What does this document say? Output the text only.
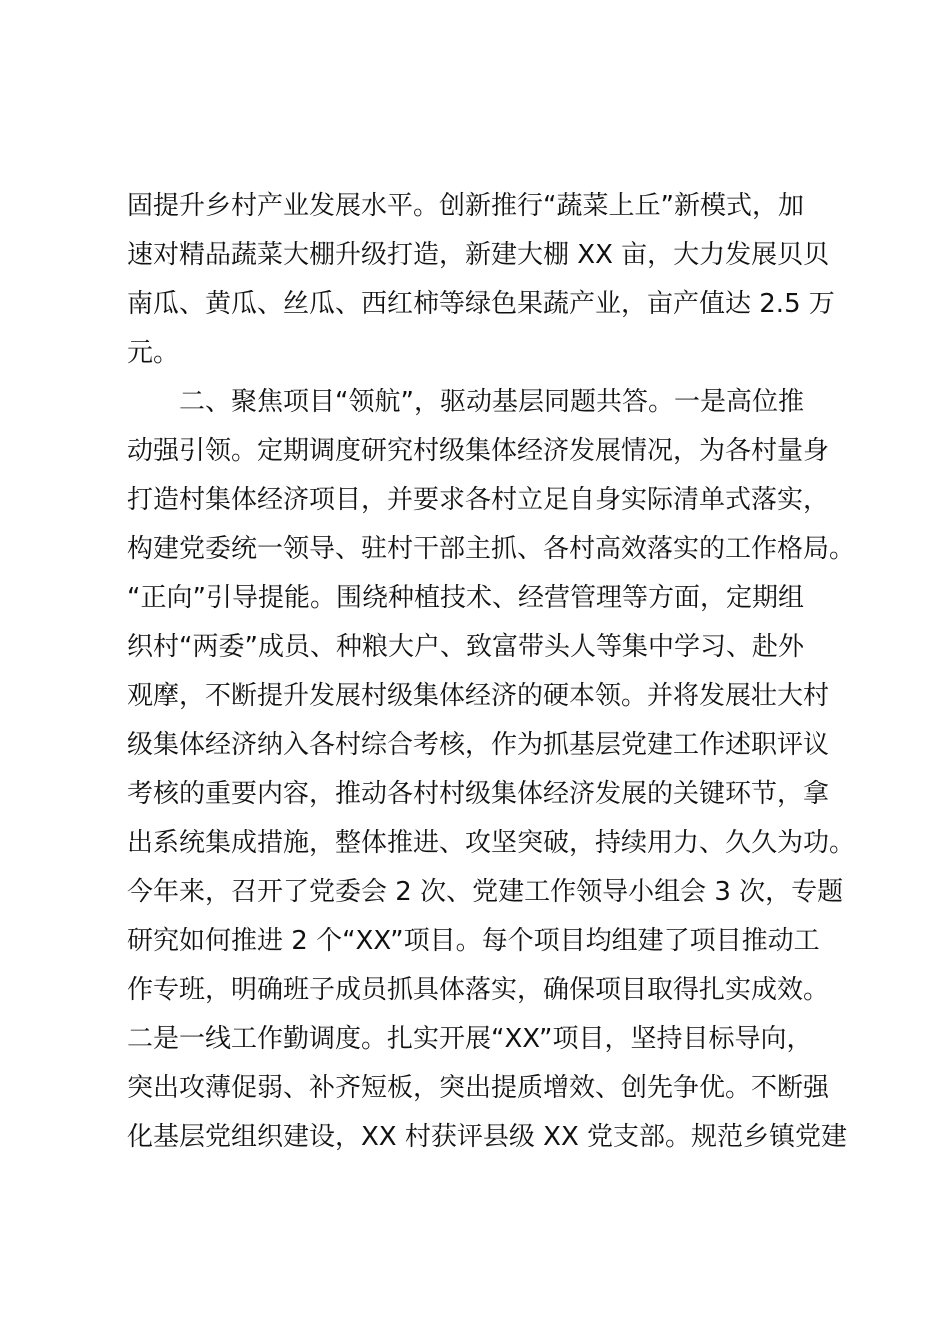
固提升乡村产业发展水平。创新推行“蔬菜上丘”新模式，加
速对精品蔬菜大棚升级打造，新建大棚 XX 亩，大力发展贝贝
南瓜、黄瓜、丝瓜、西红柿等绿色果蔬产业，亩产值达 2.5 万
元。
　　二、聚焦项目“领航”，驱动基层同题共答。一是高位推
动强引领。定期调度研究村级集体经济发展情况，为各村量身
打造村集体经济项目，并要求各村立足自身实际清单式落实，
构建党委统一领导、驻村干部主抓、各村高效落实的工作格局。
“正向”引导提能。围绕种植技术、经营管理等方面，定期组
织村“两委”成员、种粮大户、致富带头人等集中学习、赴外
观摩，不断提升发展村级集体经济的硬本领。并将发展壮大村
级集体经济纳入各村综合考核，作为抓基层党建工作述职评议
考核的重要内容，推动各村村级集体经济发展的关键环节，拿
出系统集成措施，整体推进、攻坚突破，持续用力、久久为功。
今年来，召开了党委会 2 次、党建工作领导小组会 3 次，专题
研究如何推进 2 个“XX”项目。每个项目均组建了项目推动工
作专班，明确班子成员抓具体落实，确保项目取得扎实成效。
二是一线工作勤调度。扎实开展“XX”项目，坚持目标导向，
突出攻薄促弱、补齐短板，突出提质增效、创先争优。不断强
化基层党组织建设，XX 村获评县级 XX 党支部。规范乡镇党建
